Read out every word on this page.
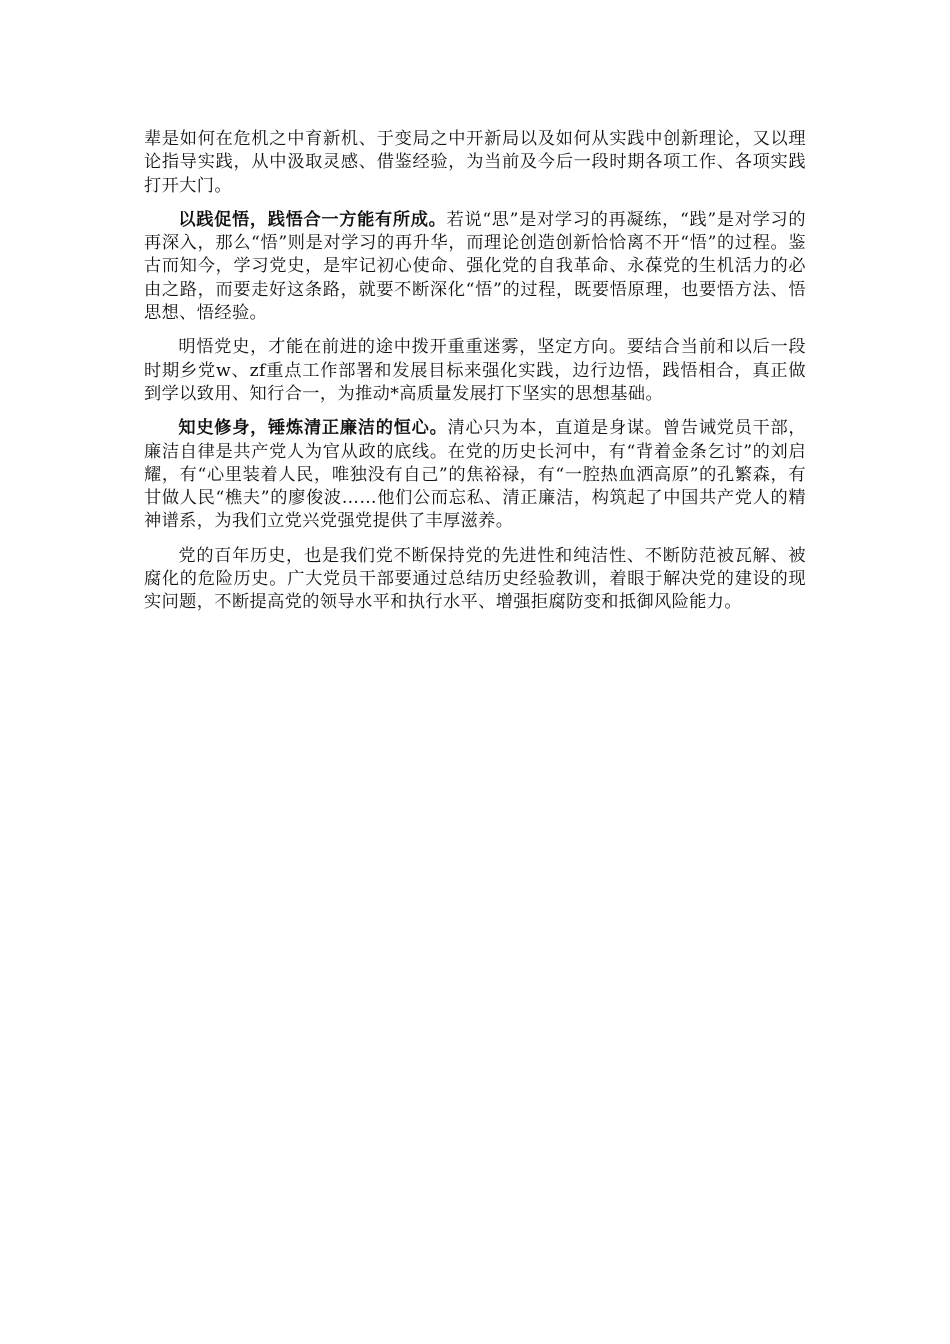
辈是如何在危机之中育新机、于变局之中开新局以及如何从实践中创新理论，又以理论指导实践，从中汲取灵感、借鉴经验，为当前及今后一段时期各项工作、各项实践打开大门。

以践促悟，践悟合一方能有所成。若说“思”是对学习的再凝练，“践”是对学习的再深入，那么“悟”则是对学习的再升华，而理论创造创新恰恰离不开“悟”的过程。鉴古而知今，学习党史，是牢记初心使命、强化党的自我革命、永葆党的生机活力的必由之路，而要走好这条路，就要不断深化“悟”的过程，既要悟原理，也要悟方法、悟思想、悟经验。

明悟党史，才能在前进的途中拨开重重迷雾，坚定方向。要结合当前和以后一段时期乡党w、zf重点工作部署和发展目标来强化实践，边行边悟，践悟相合，真正做到学以致用、知行合一，为推动*高质量发展打下坚实的思想基础。

知史修身，锤炼清正廉洁的恒心。清心只为本，直道是身谋。曾告诫党员干部，廉洁自律是共产党人为官从政的底线。在党的历史长河中，有“背着金条乞讨”的刘启耀，有“心里装着人民，唯独没有自己”的焦裕禄，有“一腔热血洒高原”的孔繁森，有甘做人民“樵夫”的廖俊波……他们公而忘私、清正廉洁，构筑起了中国共产党人的精神谱系，为我们立党兴党强党提供了丰厚滋养。

党的百年历史，也是我们党不断保持党的先进性和纯洁性、不断防范被瓦解、被腐化的危险历史。广大党员干部要通过总结历史经验教训，着眼于解决党的建设的现实问题，不断提高党的领导水平和执行水平、增强拒腐防变和抵御风险能力。
